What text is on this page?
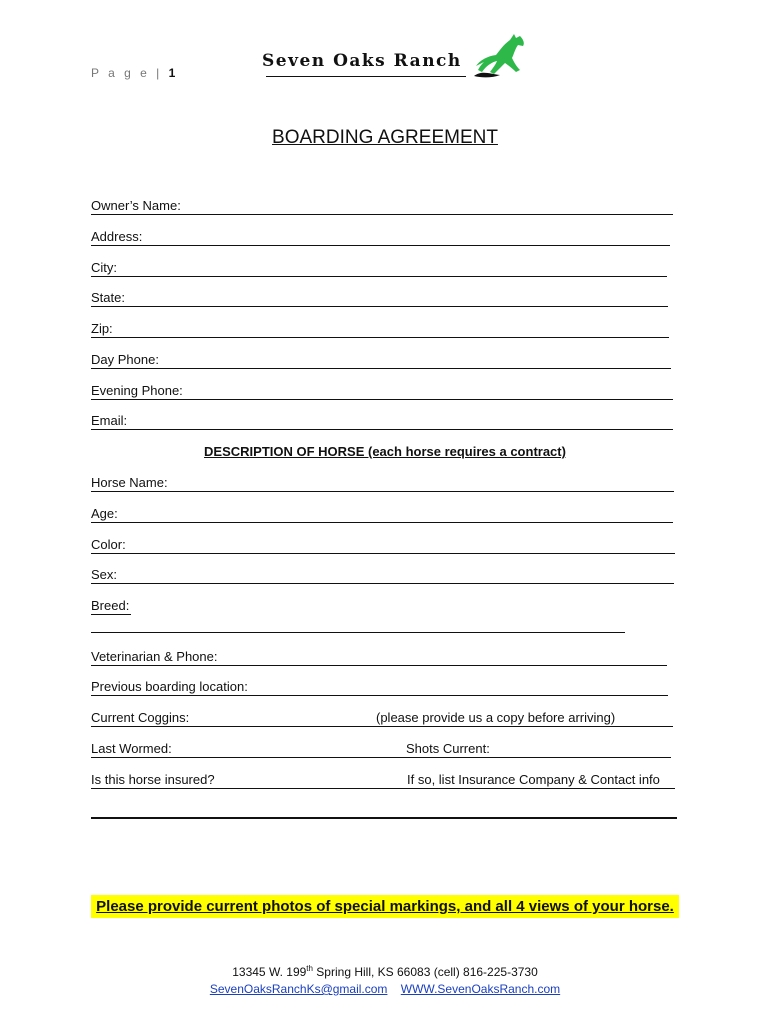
P a g e | 1
Seven Oaks Ranch
BOARDING AGREEMENT
Owner’s Name:
Address:
City:
State:
Zip:
Day Phone:
Evening Phone:
Email:
DESCRIPTION OF HORSE (each horse requires a contract)
Horse Name:
Age:
Color:
Sex:
Breed:
Veterinarian & Phone:
Previous boarding location:
Current Coggins:	(please provide us a copy before arriving)
Last Wormed:	Shots Current:
Is this horse insured?	If so, list Insurance Company & Contact info
Please provide current photos of special markings, and all 4 views of your horse.
13345 W. 199th Spring Hill, KS 66083 (cell) 816-225-3730
SevenOaksRanchKs@gmail.com WWW.SevenOaksRanch.com
